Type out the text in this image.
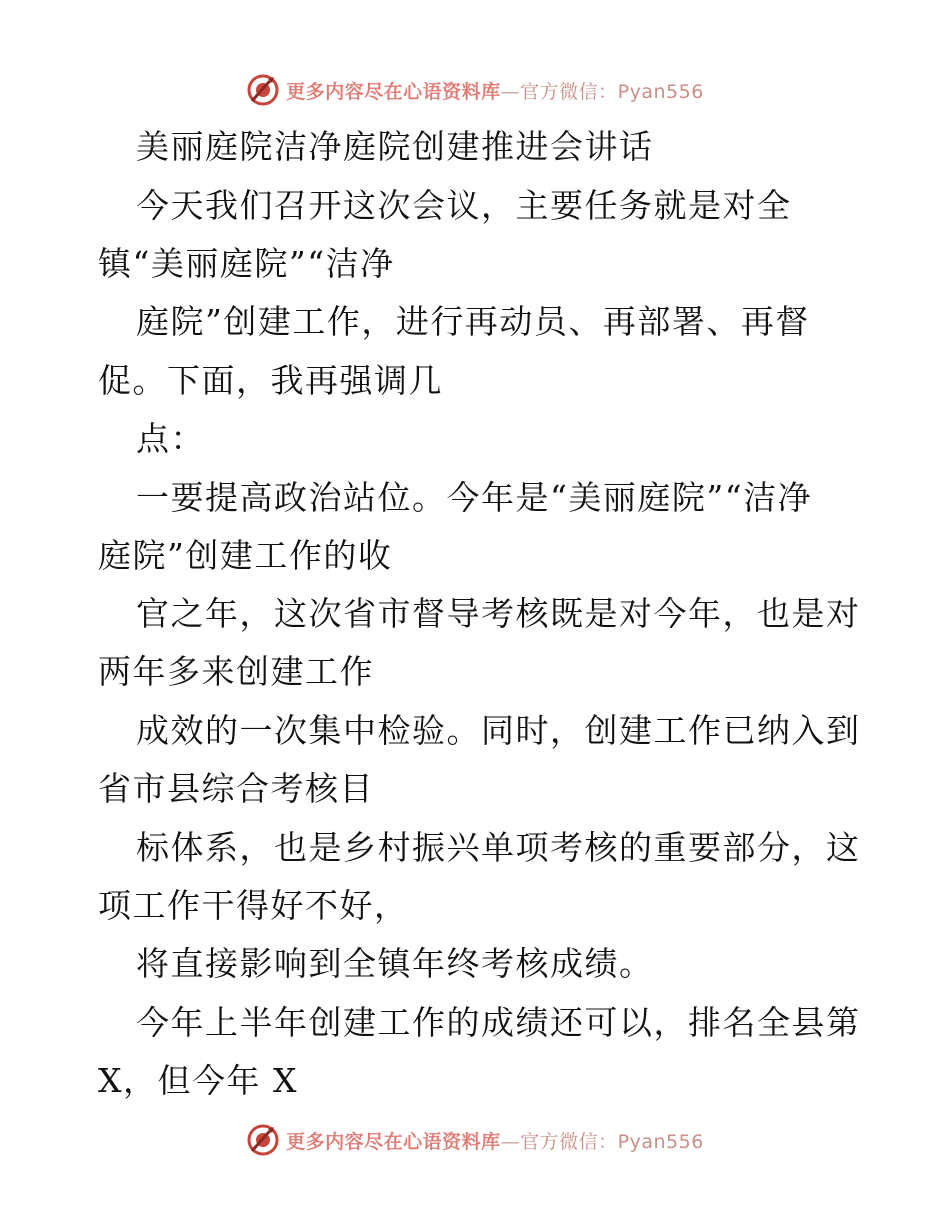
更多内容尽在心语资料库—官方微信：Pyan556
美丽庭院洁净庭院创建推进会讲话
今天我们召开这次会议，主要任务就是对全
镇“美丽庭院”“洁净
庭院”创建工作，进行再动员、再部署、再督
促。下面，我再强调几
点：
一要提高政治站位。今年是“美丽庭院”“洁净
庭院”创建工作的收
官之年，这次省市督导考核既是对今年，也是对
两年多来创建工作
成效的一次集中检验。同时，创建工作已纳入到
省市县综合考核目
标体系，也是乡村振兴单项考核的重要部分，这
项工作干得好不好，
将直接影响到全镇年终考核成绩。
今年上半年创建工作的成绩还可以，排名全县第
X，但今年 X
更多内容尽在心语资料库—官方微信：Pyan556
